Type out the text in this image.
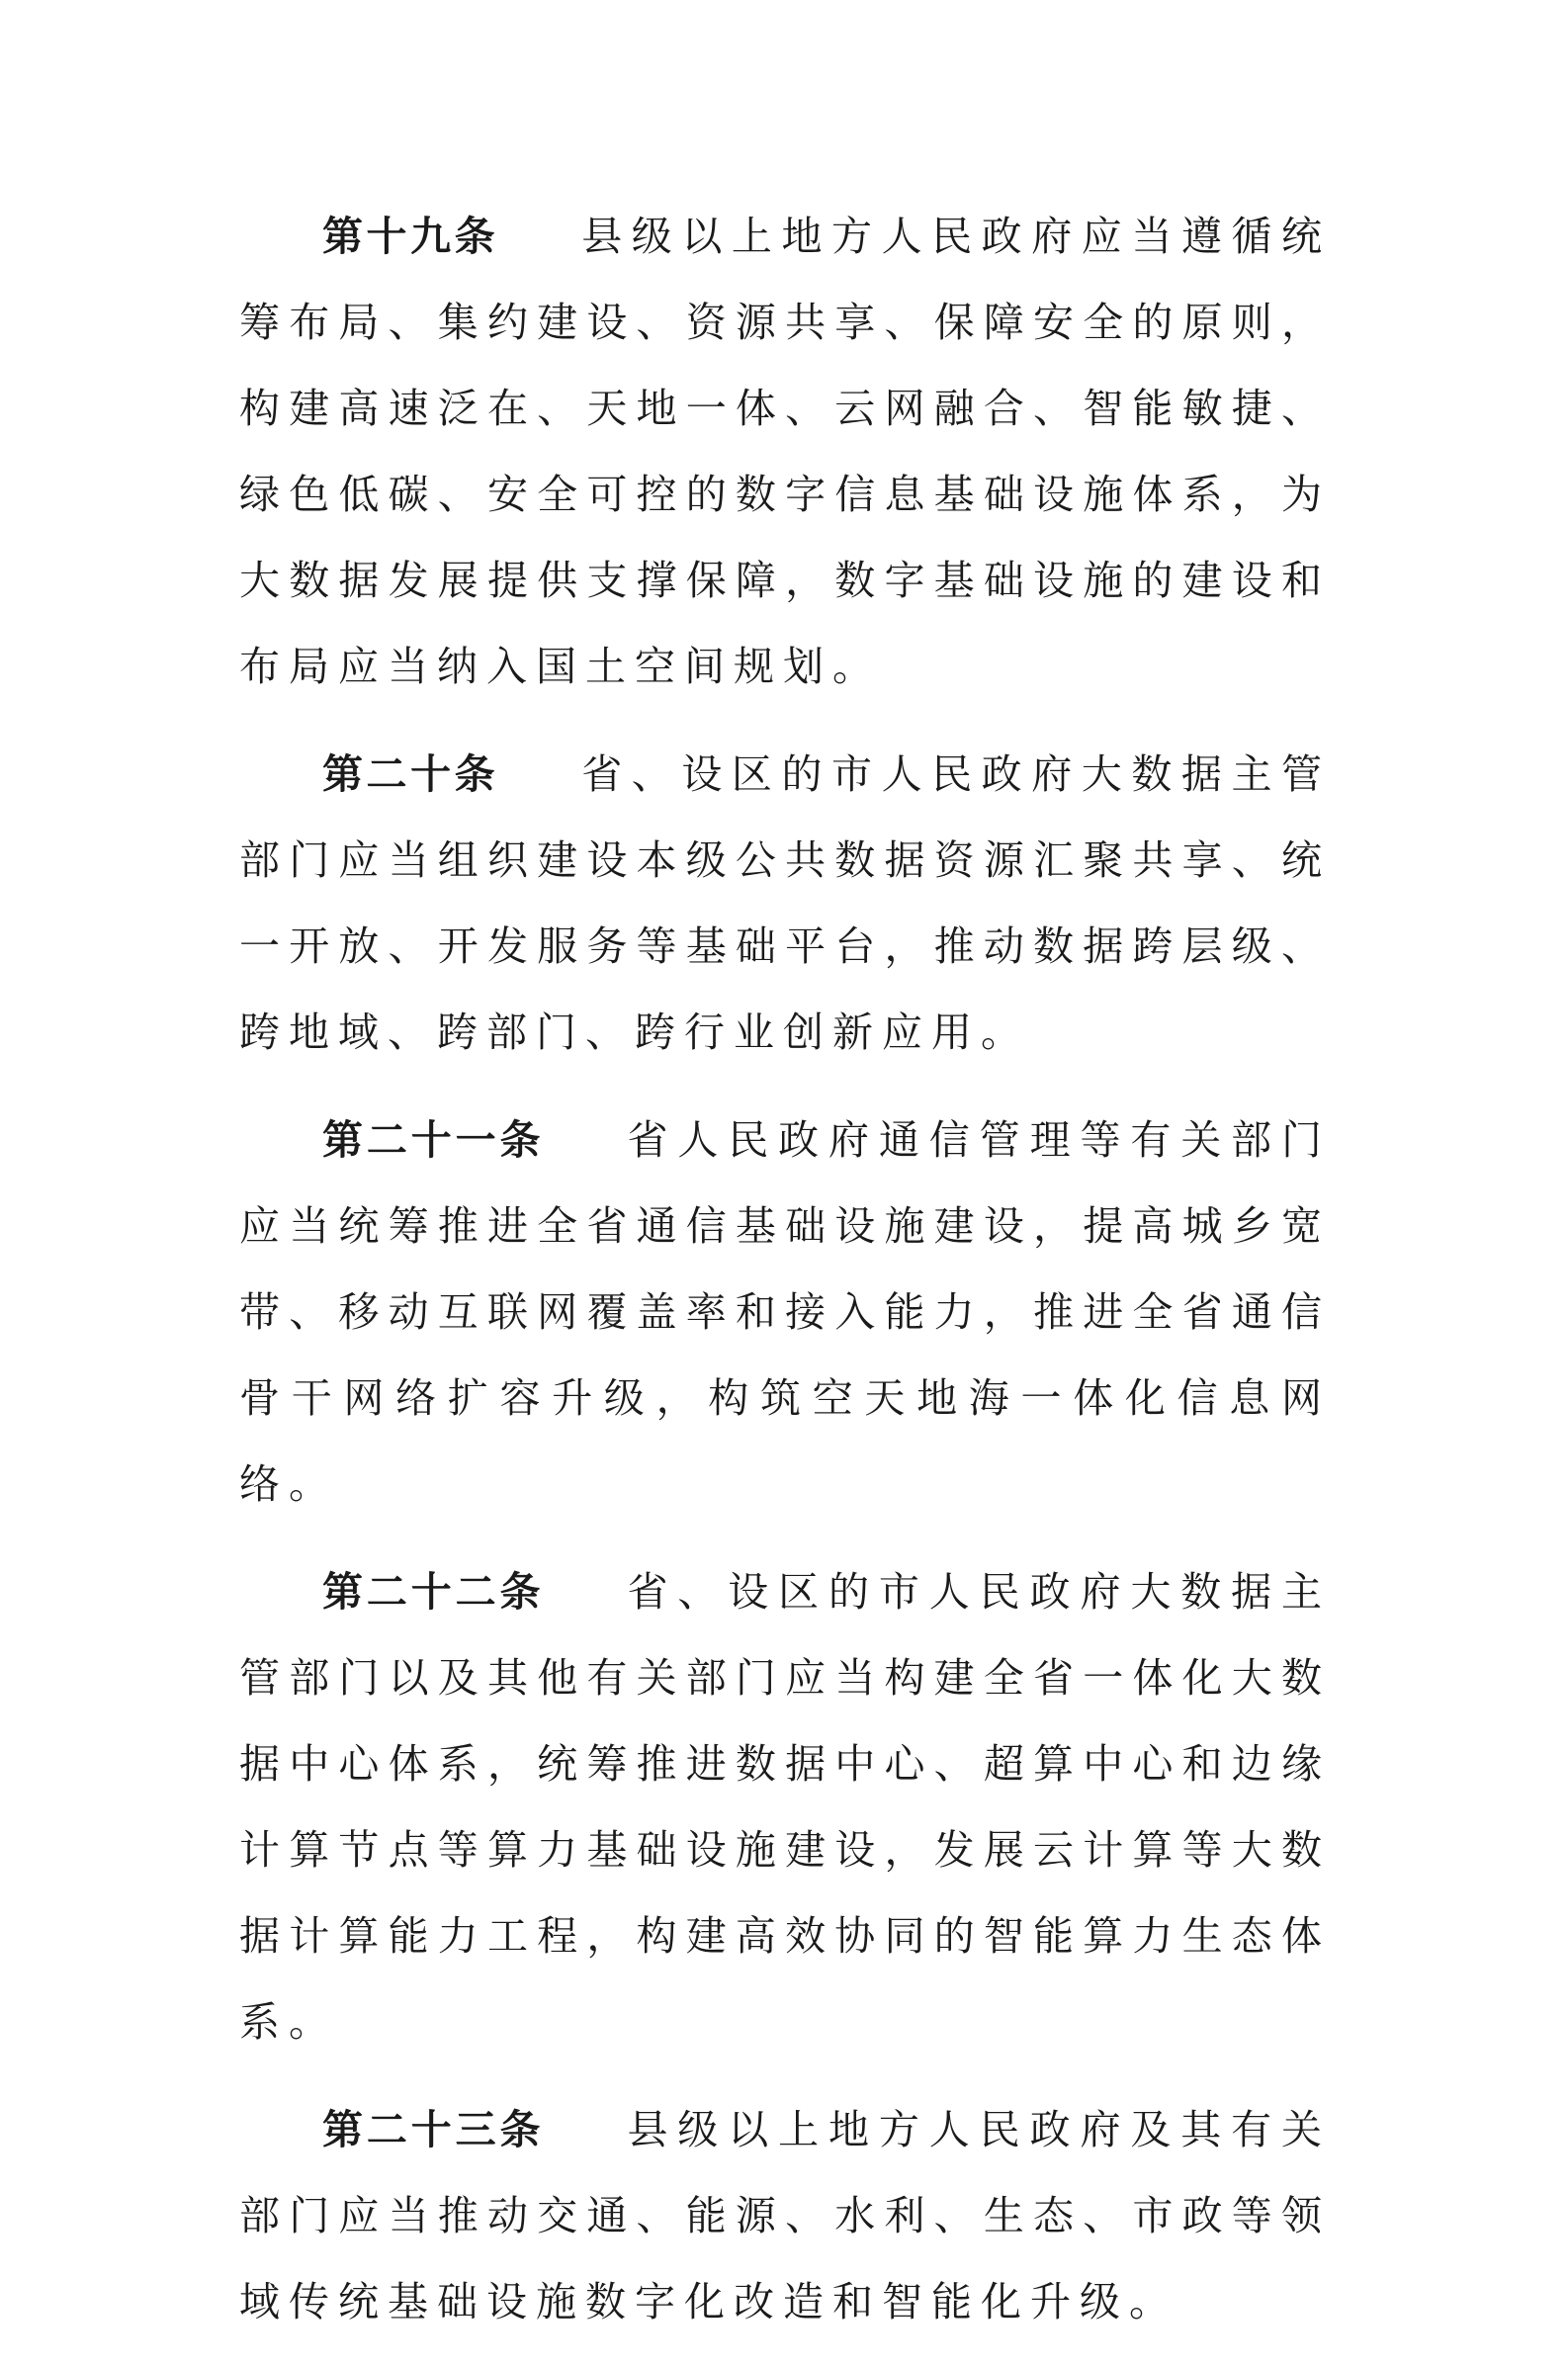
第十九条 县级以上地方人民政府应当遵循统筹布局、集约建设、资源共享、保障安全的原则，构建高速泛在、天地一体、云网融合、智能敏捷、绿色低碳、安全可控的数字信息基础设施体系，为大数据发展提供支撑保障，数字基础设施的建设和布局应当纳入国土空间规划。

第二十条 省、设区的市人民政府大数据主管部门应当组织建设本级公共数据资源汇聚共享、统一开放、开发服务等基础平台，推动数据跨层级、跨地域、跨部门、跨行业创新应用。

第二十一条 省人民政府通信管理等有关部门应当统筹推进全省通信基础设施建设，提高城乡宽带、移动互联网覆盖率和接入能力，推进全省通信骨干网络扩容升级，构筑空天地海一体化信息网络。

第二十二条 省、设区的市人民政府大数据主管部门以及其他有关部门应当构建全省一体化大数据中心体系，统筹推进数据中心、超算中心和边缘计算节点等算力基础设施建设，发展云计算等大数据计算能力工程，构建高效协同的智能算力生态体系。

第二十三条 县级以上地方人民政府及其有关部门应当推动交通、能源、水利、生态、市政等领域传统基础设施数字化改造和智能化升级。
